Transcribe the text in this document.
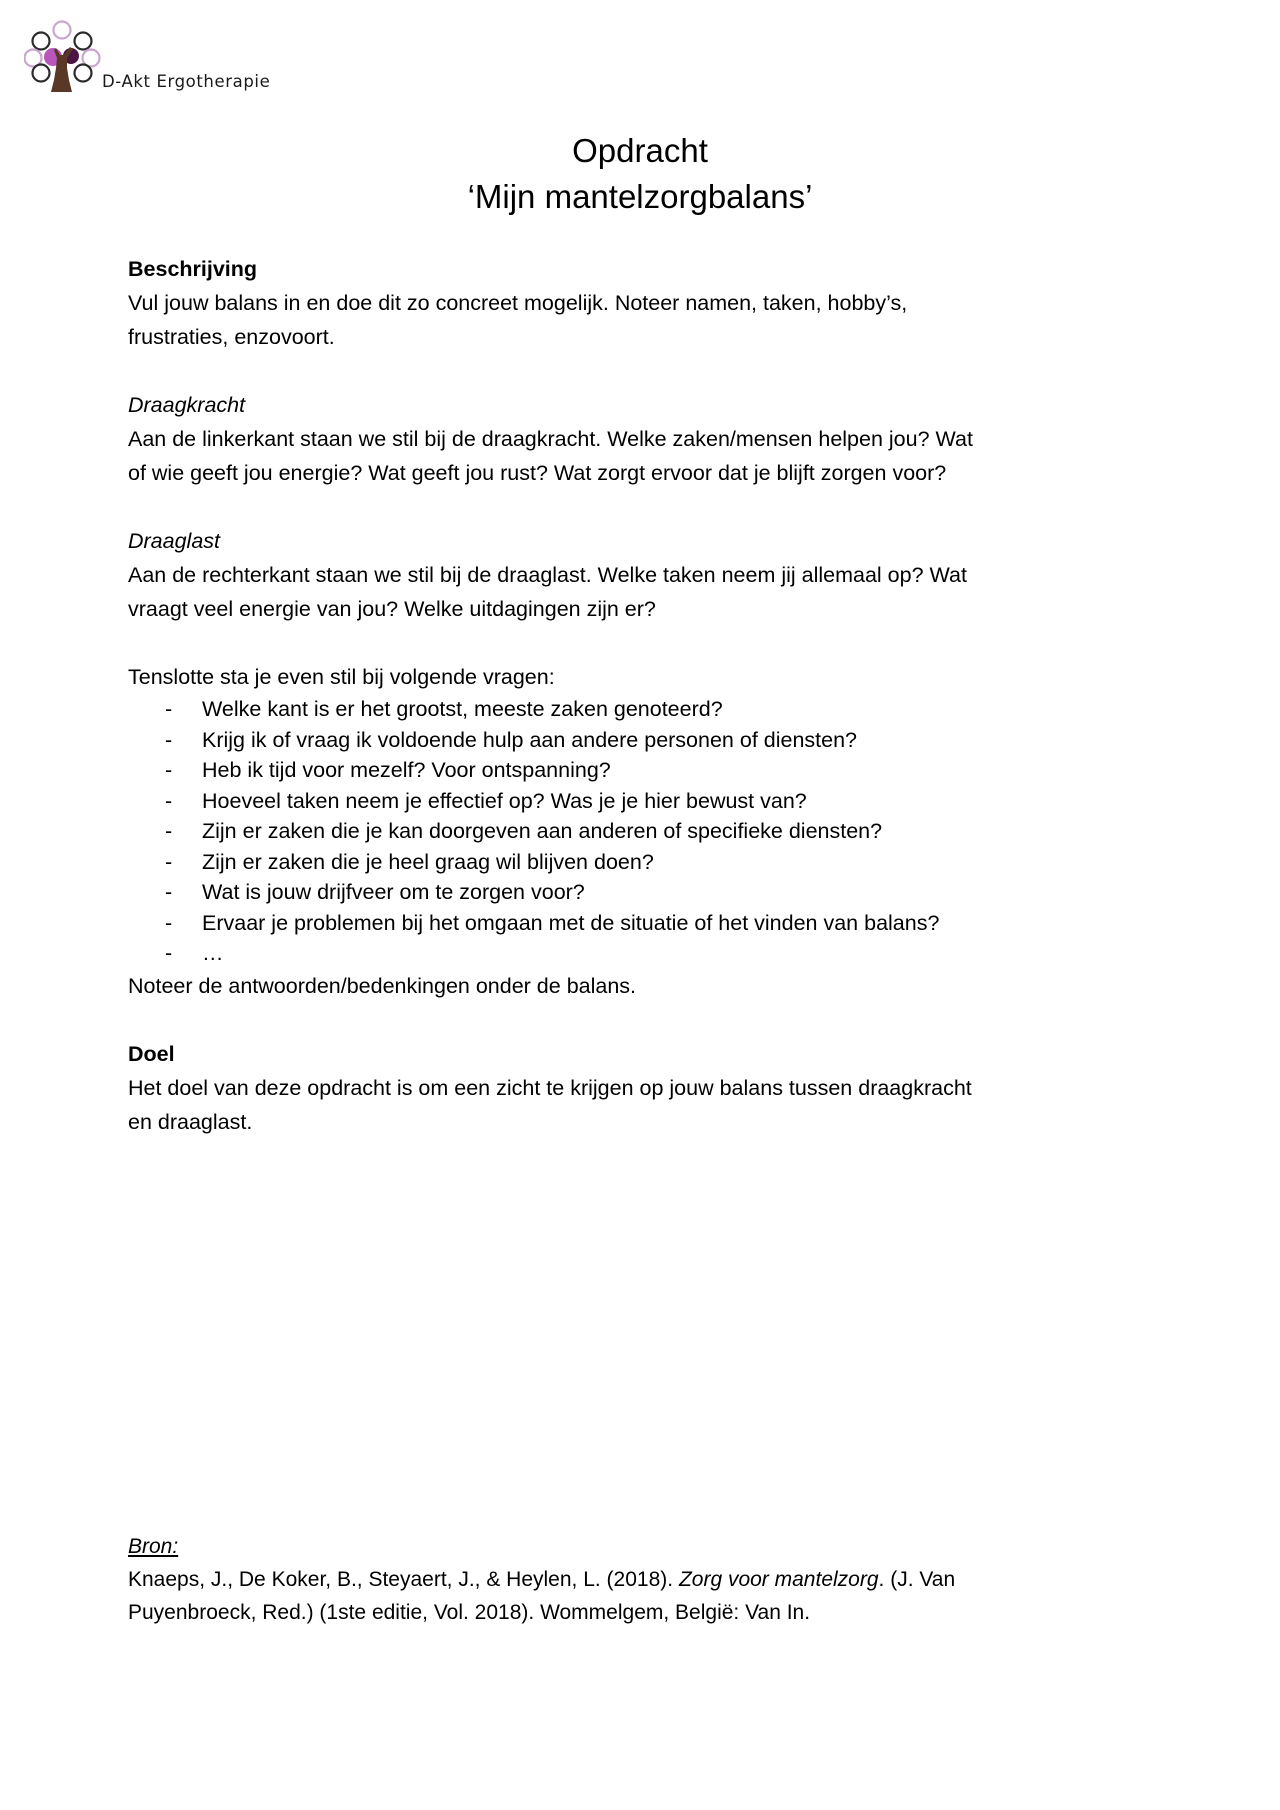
D-Akt Ergotherapie
Opdracht
‘Mijn mantelzorgbalans’
Beschrijving

Vul jouw balans in en doe dit zo concreet mogelijk. Noteer namen, taken, hobby’s, frustraties, enzovoort.

Draagkracht

Aan de linkerkant staan we stil bij de draagkracht. Welke zaken/mensen helpen jou? Wat of wie geeft jou energie? Wat geeft jou rust? Wat zorgt ervoor dat je blijft zorgen voor?

Draaglast

Aan de rechterkant staan we stil bij de draaglast. Welke taken neem jij allemaal op? Wat vraagt veel energie van jou? Welke uitdagingen zijn er?

Tenslotte sta je even stil bij volgende vragen:

- Welke kant is er het grootst, meeste zaken genoteerd?
- Krijg ik of vraag ik voldoende hulp aan andere personen of diensten?
- Heb ik tijd voor mezelf? Voor ontspanning?
- Hoeveel taken neem je effectief op? Was je je hier bewust van?
- Zijn er zaken die je kan doorgeven aan anderen of specifieke diensten?
- Zijn er zaken die je heel graag wil blijven doen?
- Wat is jouw drijfveer om te zorgen voor?
- Ervaar je problemen bij het omgaan met de situatie of het vinden van balans?
- …

Noteer de antwoorden/bedenkingen onder de balans.

Doel

Het doel van deze opdracht is om een zicht te krijgen op jouw balans tussen draagkracht en draaglast.

Bron:
Knaeps, J., De Koker, B., Steyaert, J., & Heylen, L. (2018). Zorg voor mantelzorg. (J. Van Puyenbroeck, Red.) (1ste editie, Vol. 2018). Wommelgem, België: Van In.
